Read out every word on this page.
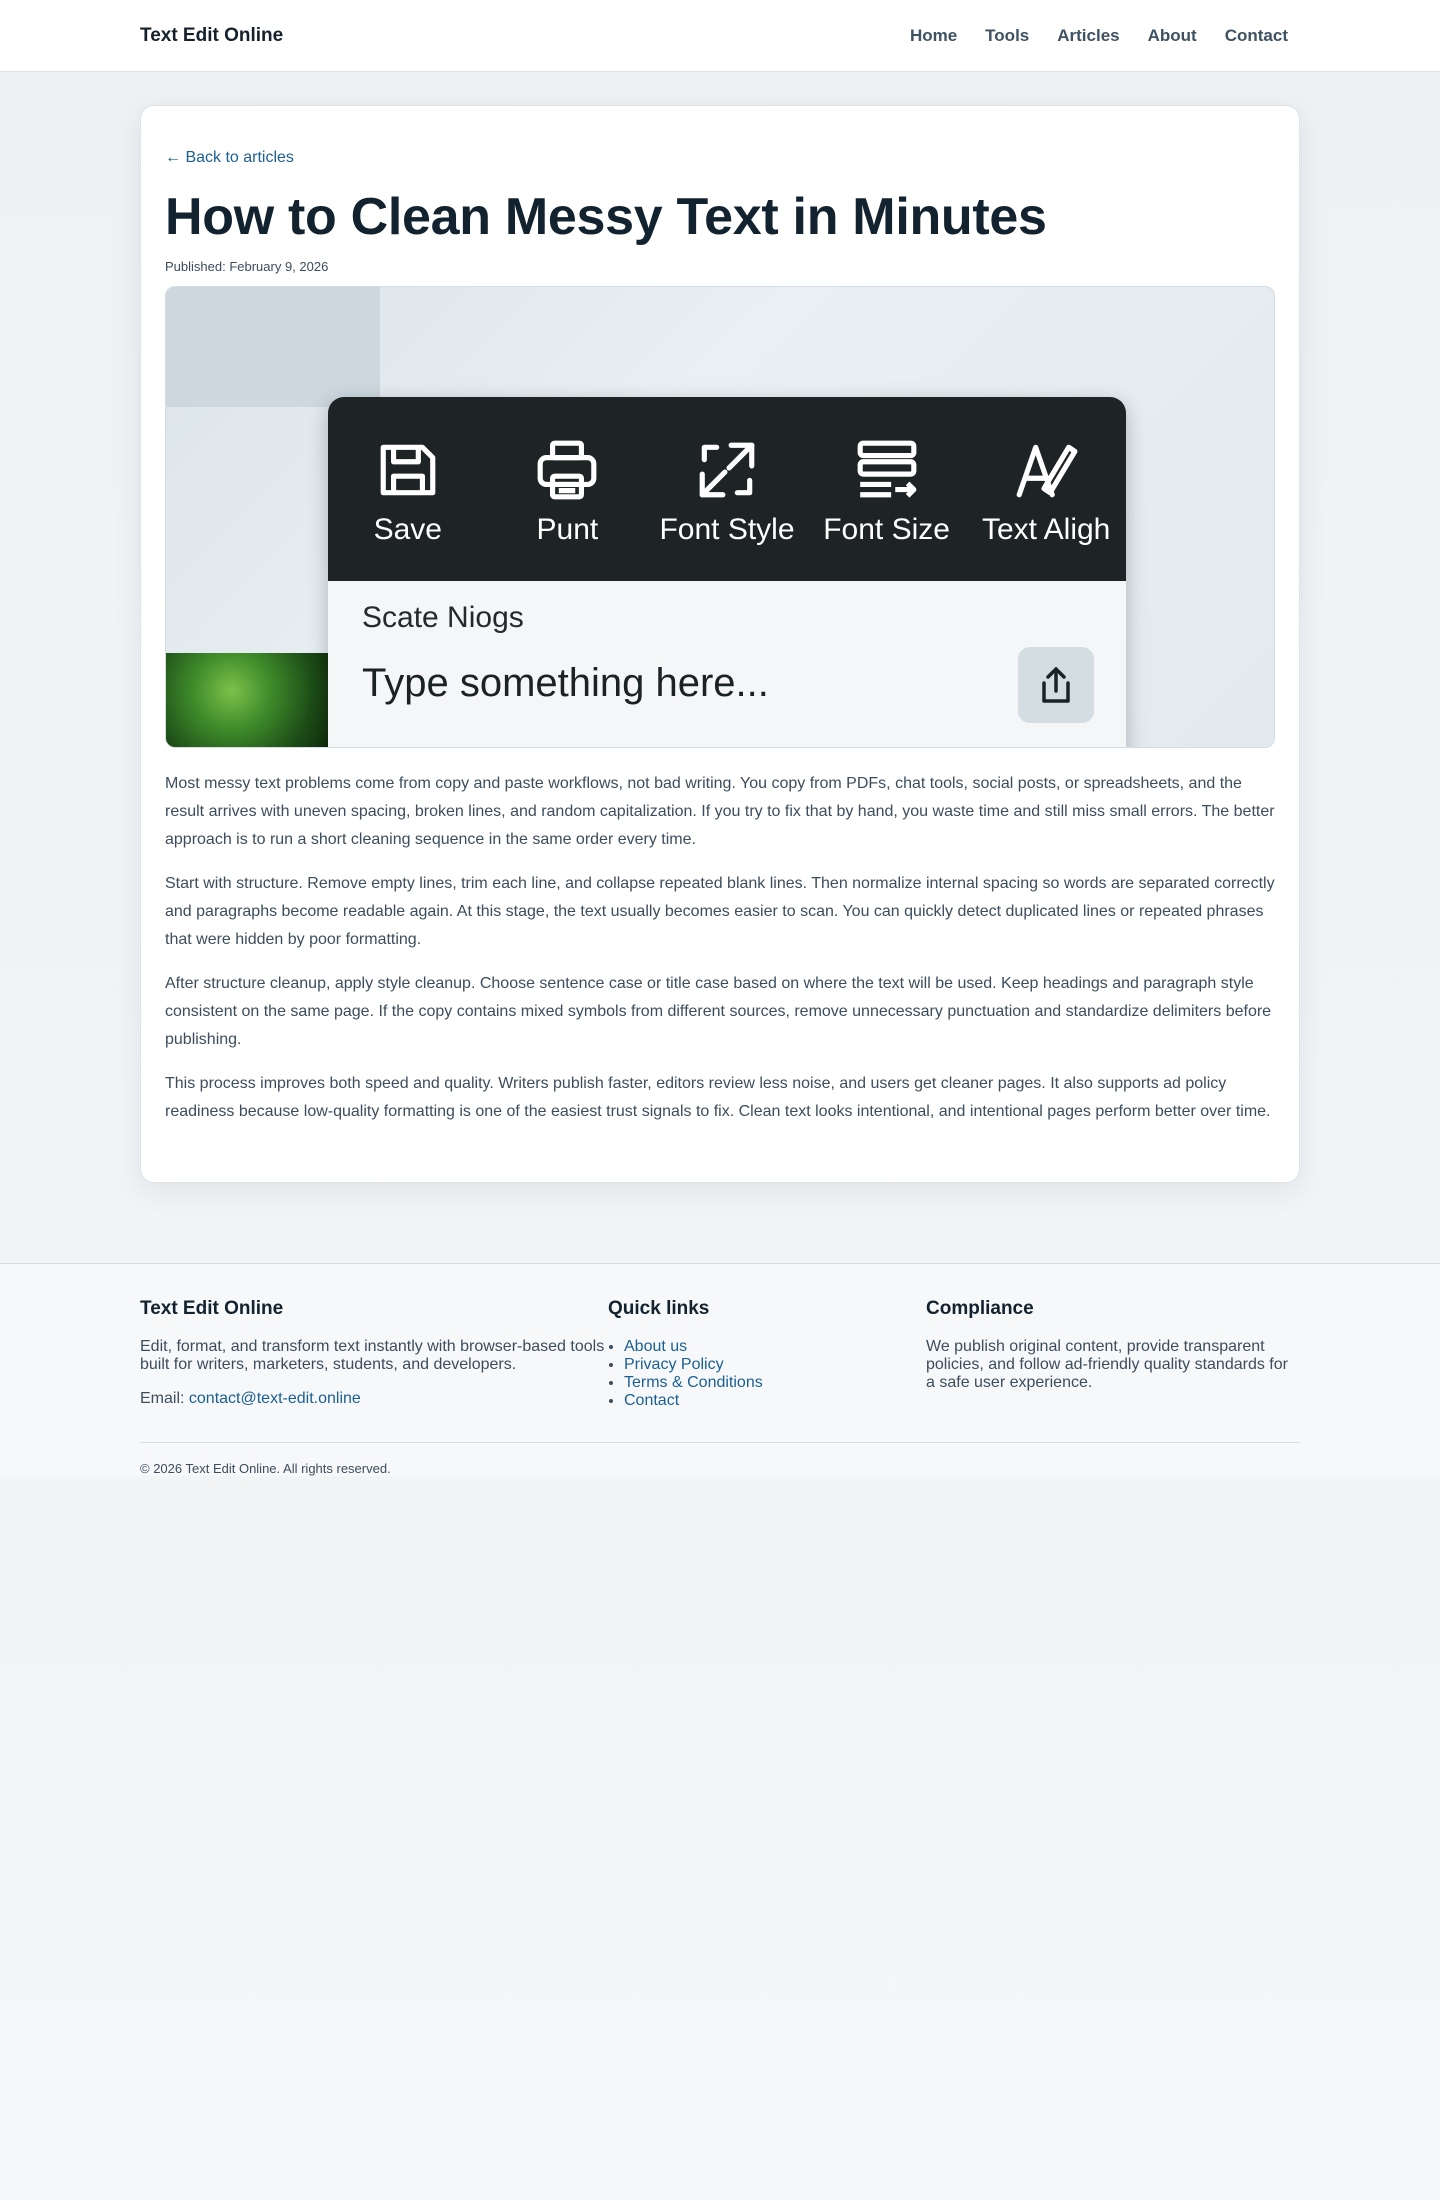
Text Edit Online	Home	Tools	Articles	About	Contact
← Back to articles
How to Clean Messy Text in Minutes
Published: February 9, 2026
Save	Punt Font Style Font Size Text Aligh
Scate Niogs
Type something here...

Most messy text problems come from copy and paste workflows, not bad writing. You copy from PDFs, chat tools, social posts, or spreadsheets, and the result arrives with uneven spacing, broken lines, and random capitalization. If you try to fix that by hand, you waste time and still miss small errors. The better approach is to run a short cleaning sequence in the same order every time.

Start with structure. Remove empty lines, trim each line, and collapse repeated blank lines. Then normalize internal spacing so words are separated correctly and paragraphs become readable again. At this stage, the text usually becomes easier to scan. You can quickly detect duplicated lines or repeated phrases that were hidden by poor formatting.

After structure cleanup, apply style cleanup. Choose sentence case or title case based on where the text will be used. Keep headings and paragraph style consistent on the same page. If the copy contains mixed symbols from different sources, remove unnecessary punctuation and standardize delimiters before publishing.

This process improves both speed and quality. Writers publish faster, editors review less noise, and users get cleaner pages. It also supports ad policy readiness because low-quality formatting is one of the easiest trust signals to fix. Clean text looks intentional, and intentional pages perform better over time.

Text Edit Online

Edit, format, and transform text instantly with browser-based tools built for writers, marketers, students, and developers.

Email: contact@text-edit.online

Quick links
• About us
• Privacy Policy
• Terms & Conditions
• Contact
Compliance

We publish original content, provide transparent policies, and follow ad-friendly quality standards for a safe user experience.

© 2026 Text Edit Online. All rights reserved.
